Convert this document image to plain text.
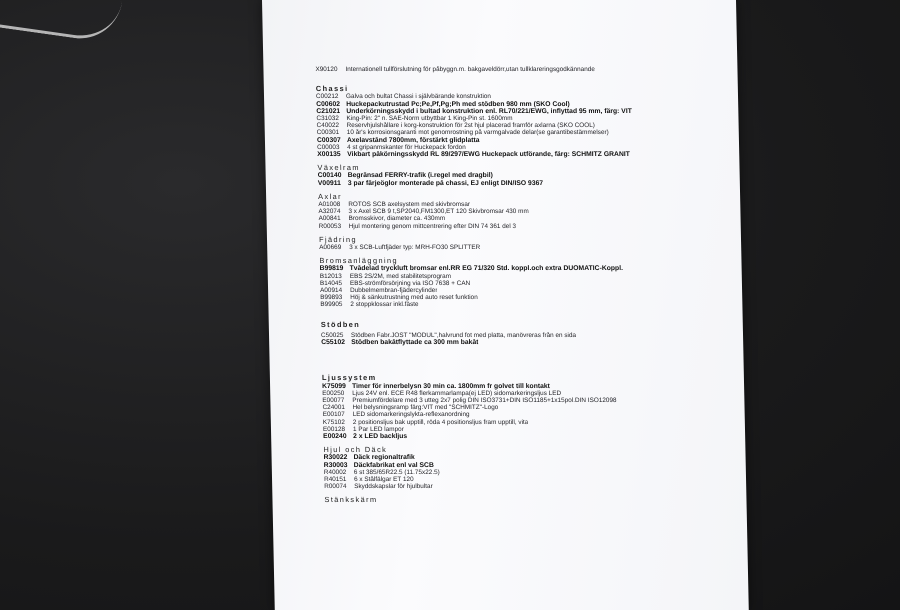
X90120	Internationell tullförslutning för påbyggn.m. bakgaveldörr,utan tullklareringsgodkännande
Chassi
C00212	Galva och bultat Chassi i självbärande konstruktion
C00602 Huckepackutrustad Pc;Pe,Pf,Pg;Ph med stödben 980 mm (SKO Cool)
C21021 Underkörningsskydd i bultad konstruktion enl. RL70/221/EWG, inflyttad 95 mm, färg: VIT
C31032	King-Pin: 2" n. SAE-Norm utbyttbar 1 King-Pin st. 1600mm
C40022	Reservhjulshållare i korg-konstruktion för 2st hjul placerad framför axlarna (SKO COOL)
C00301	10 år's korrosionsgaranti mot genomrostning på varmgalvade delar(se garantibestämmelser)
C00307 Axelavstånd 7800mm, förstärkt glidplatta
C00003	4 st gripanmskanter för Huckepack fordon
X00135 Vikbart påkörningsskydd RL 89/297/EWG Huckepack utförande, färg: SCHMITZ GRANIT
Växelram
C00140 Begränsad FERRY-trafik (i.regel med dragbil)
V00911 3 par färjeöglor monterade på chassi, EJ enligt DIN/ISO 9367
Axlar
A01008	ROTOS SCB axelsystem med skivbromsar
A32074	3 x Axel SCB 9 t,SP2040,FM1300,ET 120 Skivbromsar 430 mm
A00841	Bromsskivor, diameter ca. 430mm
R00053	Hjul montering genom mittcentrering efter DIN 74 361 del 3
Fjädring
A00669	3 x SCB-Luftfjäder typ: MRH-FO30 SPLITTER
Bromsanläggning
B99819 Tvådelad tryckluft bromsar enl.RR EG 71/320 Std. koppl.och extra DUOMATIC-Koppl.
B12013	EBS 2S/2M, med stabilitetsprogram
B14045	EBS-strömförsörjning via ISO 7638 + CAN
A00914	Dubbelmembran-fjädercylinder
B99893	Höj & sänkutrustning med auto reset funktion
B99905	2 stoppklossar inkl.fäste
Stödben
C50025	Stödben Fabr.JOST "MODUL",halvrund fot med platta, manövreras från en sida
C55102 Stödben bakåtflyttade ca 300 mm bakåt
Ljussystem
K75099 Timer för innerbelysn 30 min ca. 1800mm fr golvet till kontakt
E00250	Ljus 24V enl. ECE R48 flerkammarlampa(ej LED) sidomarkeringsljus LED
E00077	Premiumfördelare med 3 utteg 2x7 polig DIN ISO3731+DIN ISO1185+1x15pol.DIN ISO12098
C24001	Hel belysningsramp färg:VIT med "SCHMITZ"-Logo
E00107	LED sidomarkeringslykta-reflexanordning
K75102	2 positionsljus bak upptill, röda 4 positionsljus fram upptill, vita
E00128	1 Par LED lampor
E00240 2 x LED backljus
Hjul och Däck
R30022 Däck regionaltrafik
R30003 Däckfabrikat enl val SCB
R40002	6 st 385/65R22.5 (11.75x22.5)
R40151	6 x Stålfälgar ET 120
R00074	Skyddskapslar för hjulbultar
Stänkskärm
